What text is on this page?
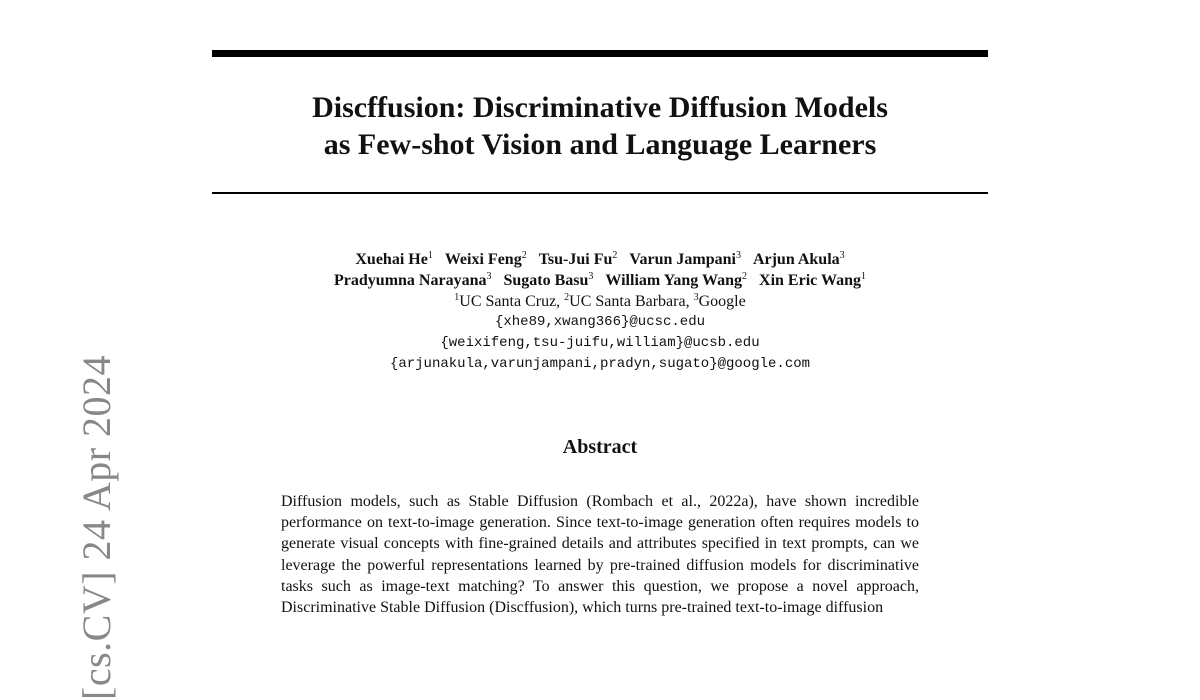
[cs.CV] 24 Apr 2024
Discffusion: Discriminative Diffusion Models
as Few-shot Vision and Language Learners
Xuehai He$^1$ Weixi Feng$^2$ Tsu-Jui Fu$^2$ Varun Jampani$^3$ Arjun Akula$^3$
Pradyumna Narayana$^3$ Sugato Basu$^3$ William Yang Wang$^2$ Xin Eric Wang$^1$
$^1$UC Santa Cruz, $^2$UC Santa Barbara, $^3$Google
{xhe89,xwang366}@ucsc.edu
{weixifeng,tsu-juifu,william}@ucsb.edu
{arjunakula,varunjampani,pradyn,sugato}@google.com
Abstract

Diffusion models, such as Stable Diffusion (Rombach et al., 2022a), have shown incredible performance on text-to-image generation. Since text-to-image generation often requires models to generate visual concepts with fine-grained details and attributes specified in text prompts, can we leverage the powerful representations learned by pre-trained diffusion models for discriminative tasks such as image-text matching? To answer this question, we propose a novel approach, Discriminative Stable Diffusion (Discffusion), which turns pre-trained text-to-image diffusion
